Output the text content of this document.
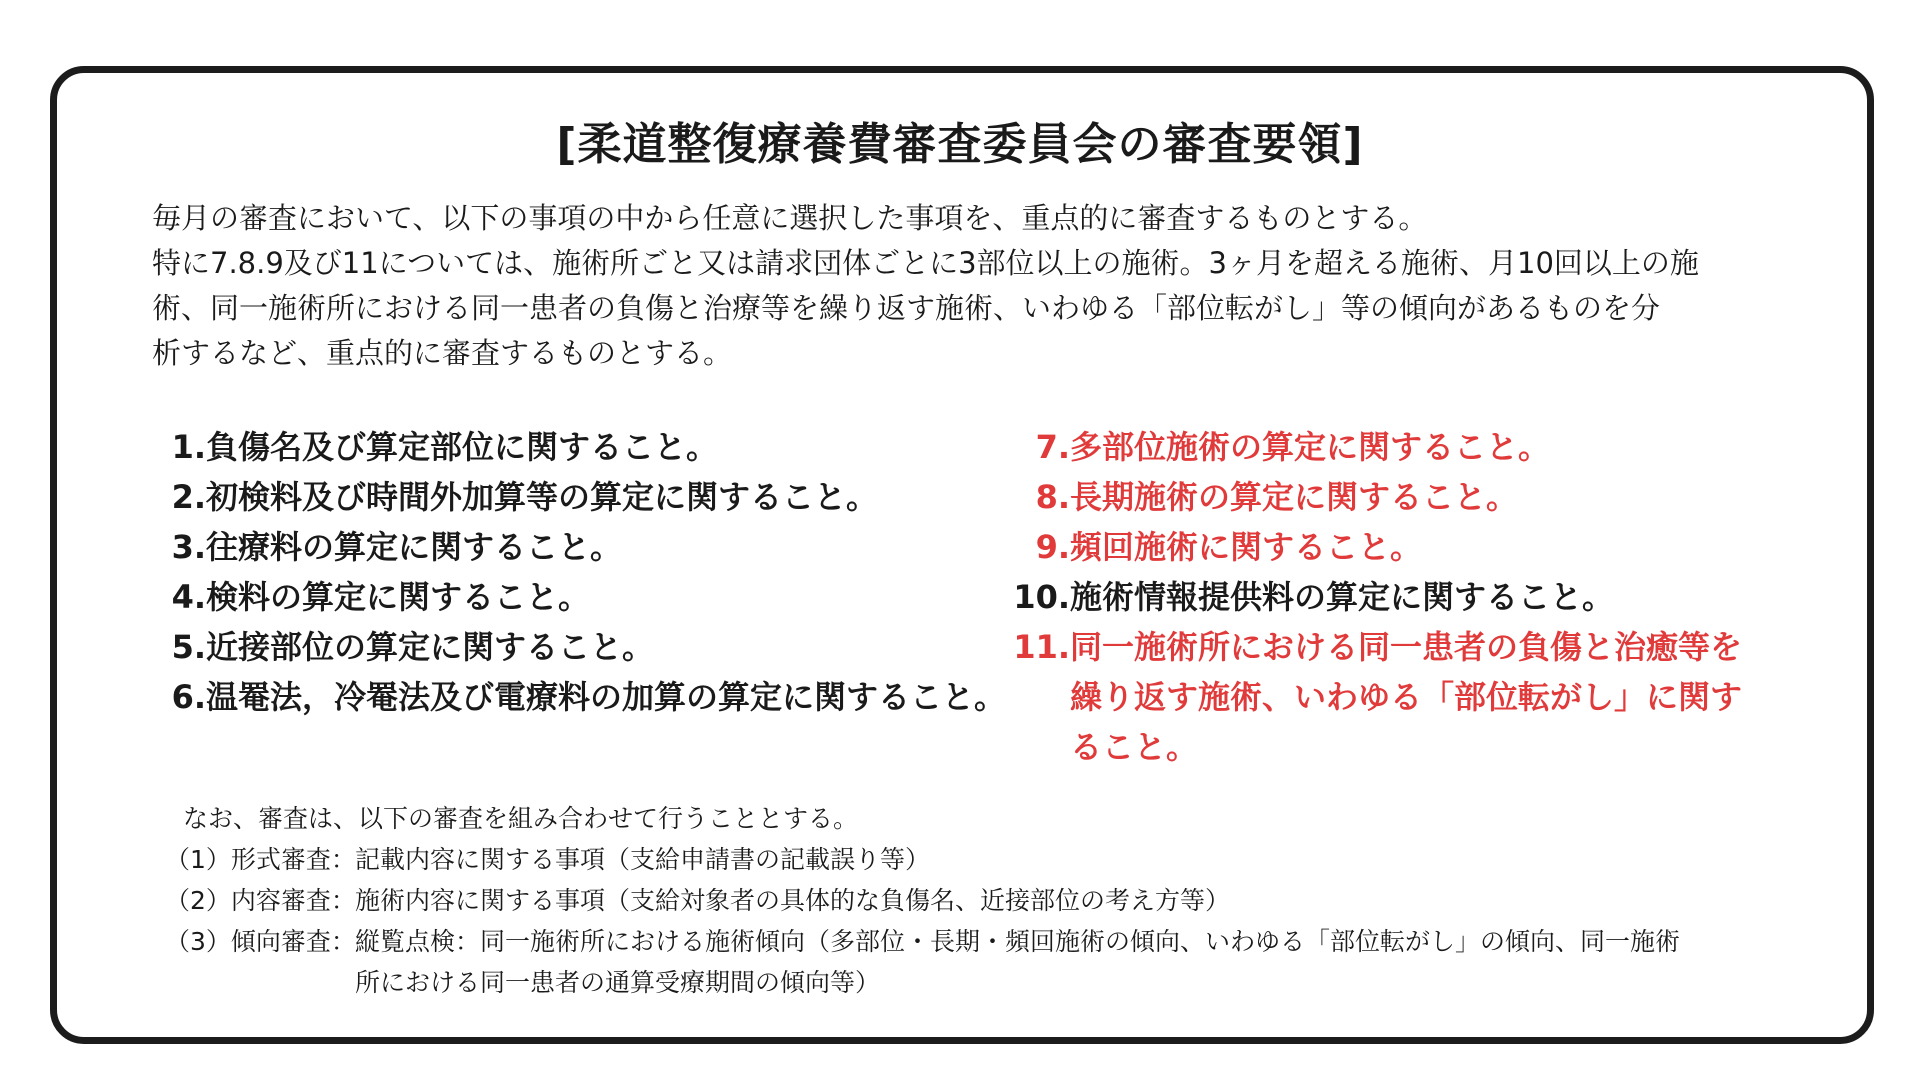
[柔道整復療養費審査委員会の審査要領]
毎月の審査において、以下の事項の中から任意に選択した事項を、重点的に審査するものとする。
特に7.8.9及び11については、施術所ごと又は請求団体ごとに3部位以上の施術。3ヶ月を超える施術、月10回以上の施
術、同一施術所における同一患者の負傷と治療等を繰り返す施術、いわゆる「部位転がし」等の傾向があるものを分
析するなど、重点的に審査するものとする。
1. 負傷名及び算定部位に関すること。
2. 初検料及び時間外加算等の算定に関すること。
3. 往療料の算定に関すること。
4. 検料の算定に関すること。
5. 近接部位の算定に関すること。
6. 温罨法，冷罨法及び電療料の加算の算定に関すること。
7. 多部位施術の算定に関すること。
8. 長期施術の算定に関すること。
9. 頻回施術に関すること。
10. 施術情報提供料の算定に関すること。
11. 同一施術所における同一患者の負傷と治癒等を
繰り返す施術、いわゆる「部位転がし」に関す
ること。
なお、審査は、以下の審査を組み合わせて行うこととする。
（1）形式審査： 記載内容に関する事項（支給申請書の記載誤り等）
（2）内容審査： 施術内容に関する事項（支給対象者の具体的な負傷名、近接部位の考え方等）
（3）傾向審査： 縦覧点検：同一施術所における施術傾向（多部位・長期・頻回施術の傾向、いわゆる「部位転がし」の傾向、同一施術
所における同一患者の通算受療期間の傾向等）
